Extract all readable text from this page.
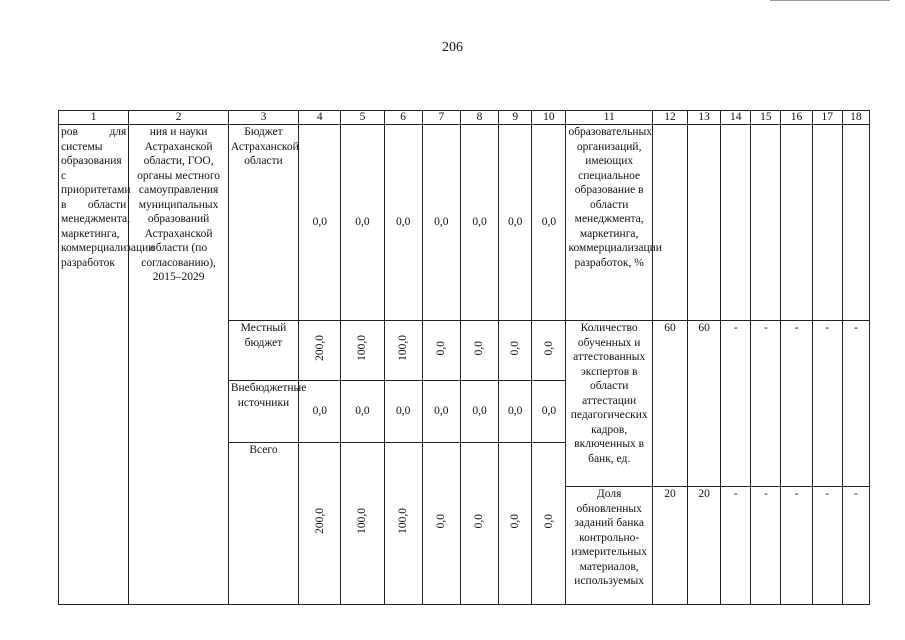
206
1	2	3	4	5	6	7	8	9	10	11	12	13	14	15	16	17	18
ров для системы образования с приоритетами в области менеджмента, маркетинга, коммерциализации разработок	ния и науки Астраханской области, ГОО, органы местного самоуправления муниципальных образований Астраханской области (по согласованию), 2015–2029	Бюджет Астраханской области	0,0	0,0	0,0	0,0	0,0	0,0	0,0	образовательных организаций, имеющих специальное образование в области менеджмента, маркетинга, коммерциализации разработок, %							
		Местный бюджет	200,0	100,0	100,0	0,0	0,0	0,0	0,0	Количество обученных и аттестованных экспертов в области аттестации педагогических кадров, включенных в банк, ед.	60	60	-	-	-	-	-
		Внебюджетные источники	0,0	0,0	0,0	0,0	0,0	0,0	0,0								
		Всего	200,0	100,0	100,0	0,0	0,0	0,0	0,0								
										Доля обновленных заданий банка контрольно-измерительных материалов, используемых	20	20	-	-	-	-	-
